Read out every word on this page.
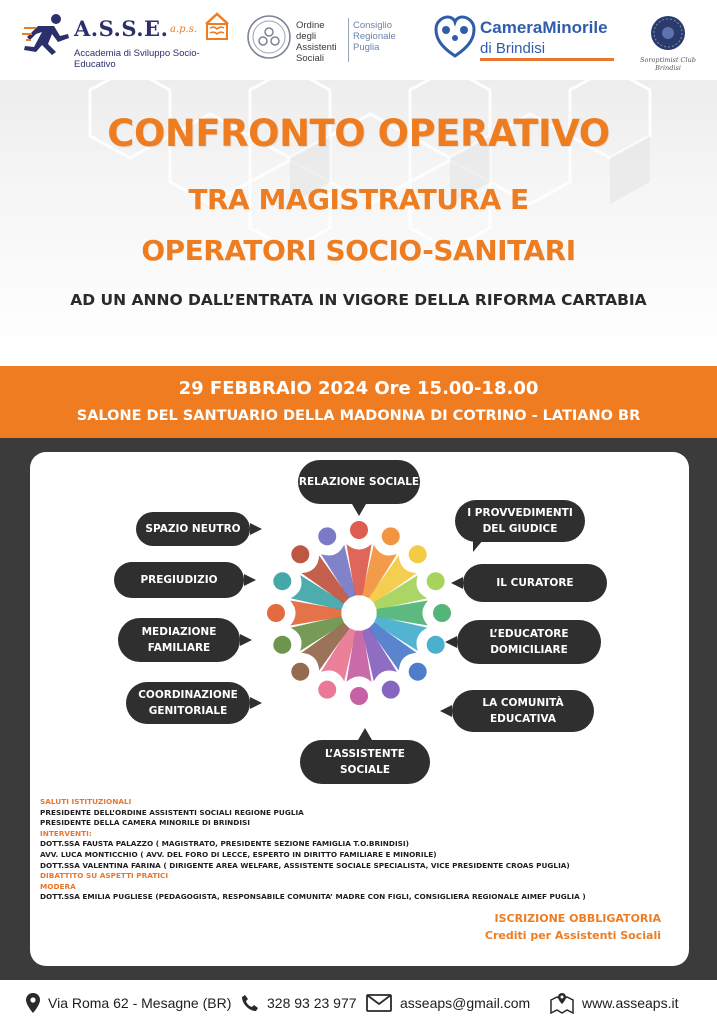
A.S.S.E. a.p.s.
Accademia di Sviluppo Socio-Educativo
Ordine degli Assistenti Sociali
Consiglio Regionale Puglia
CameraMinorile
di Brindisi
Soroptimist Club Brindisi
CONFRONTO OPERATIVO
TRA MAGISTRATURA E
OPERATORI SOCIO-SANITARI
AD UN ANNO DALL’ENTRATA IN VIGORE DELLA RIFORMA CARTABIA
29 FEBBRAIO 2024 Ore 15.00-18.00
SALONE DEL SANTUARIO DELLA MADONNA DI COTRINO - LATIANO BR
RELAZIONE SOCIALE
I PROVVEDIMENTI DEL GIUDICE
IL CURATORE
L’EDUCATORE DOMICILIARE
LA COMUNITÀ EDUCATIVA
L’ASSISTENTE SOCIALE
COORDINAZIONE GENITORIALE
MEDIAZIONE FAMILIARE
PREGIUDIZIO
SPAZIO NEUTRO
SALUTI ISTITUZIONALI
PRESIDENTE DELL’ORDINE ASSISTENTI SOCIALI REGIONE PUGLIA
PRESIDENTE DELLA CAMERA MINORILE DI BRINDISI
INTERVENTI:
DOTT.SSA FAUSTA PALAZZO ( MAGISTRATO, PRESIDENTE SEZIONE FAMIGLIA T.O.BRINDISI)
AVV. LUCA MONTICCHIO ( AVV. DEL FORO DI LECCE, ESPERTO IN DIRITTO FAMILIARE E MINORILE)
DOTT.SSA VALENTINA FARINA ( DIRIGENTE AREA WELFARE, ASSISTENTE SOCIALE SPECIALISTA, VICE PRESIDENTE CROAS PUGLIA)
DIBATTITO SU ASPETTI PRATICI
MODERA
DOTT.SSA EMILIA PUGLIESE (PEDAGOGISTA, RESPONSABILE COMUNITA’ MADRE CON FIGLI, CONSIGLIERA REGIONALE AIMEF PUGLIA )
ISCRIZIONE OBBLIGATORIA
Crediti per Assistenti Sociali
Via Roma 62 - Mesagne (BR)	328 93 23 977	asseaps@gmail.com	www.asseaps.it
